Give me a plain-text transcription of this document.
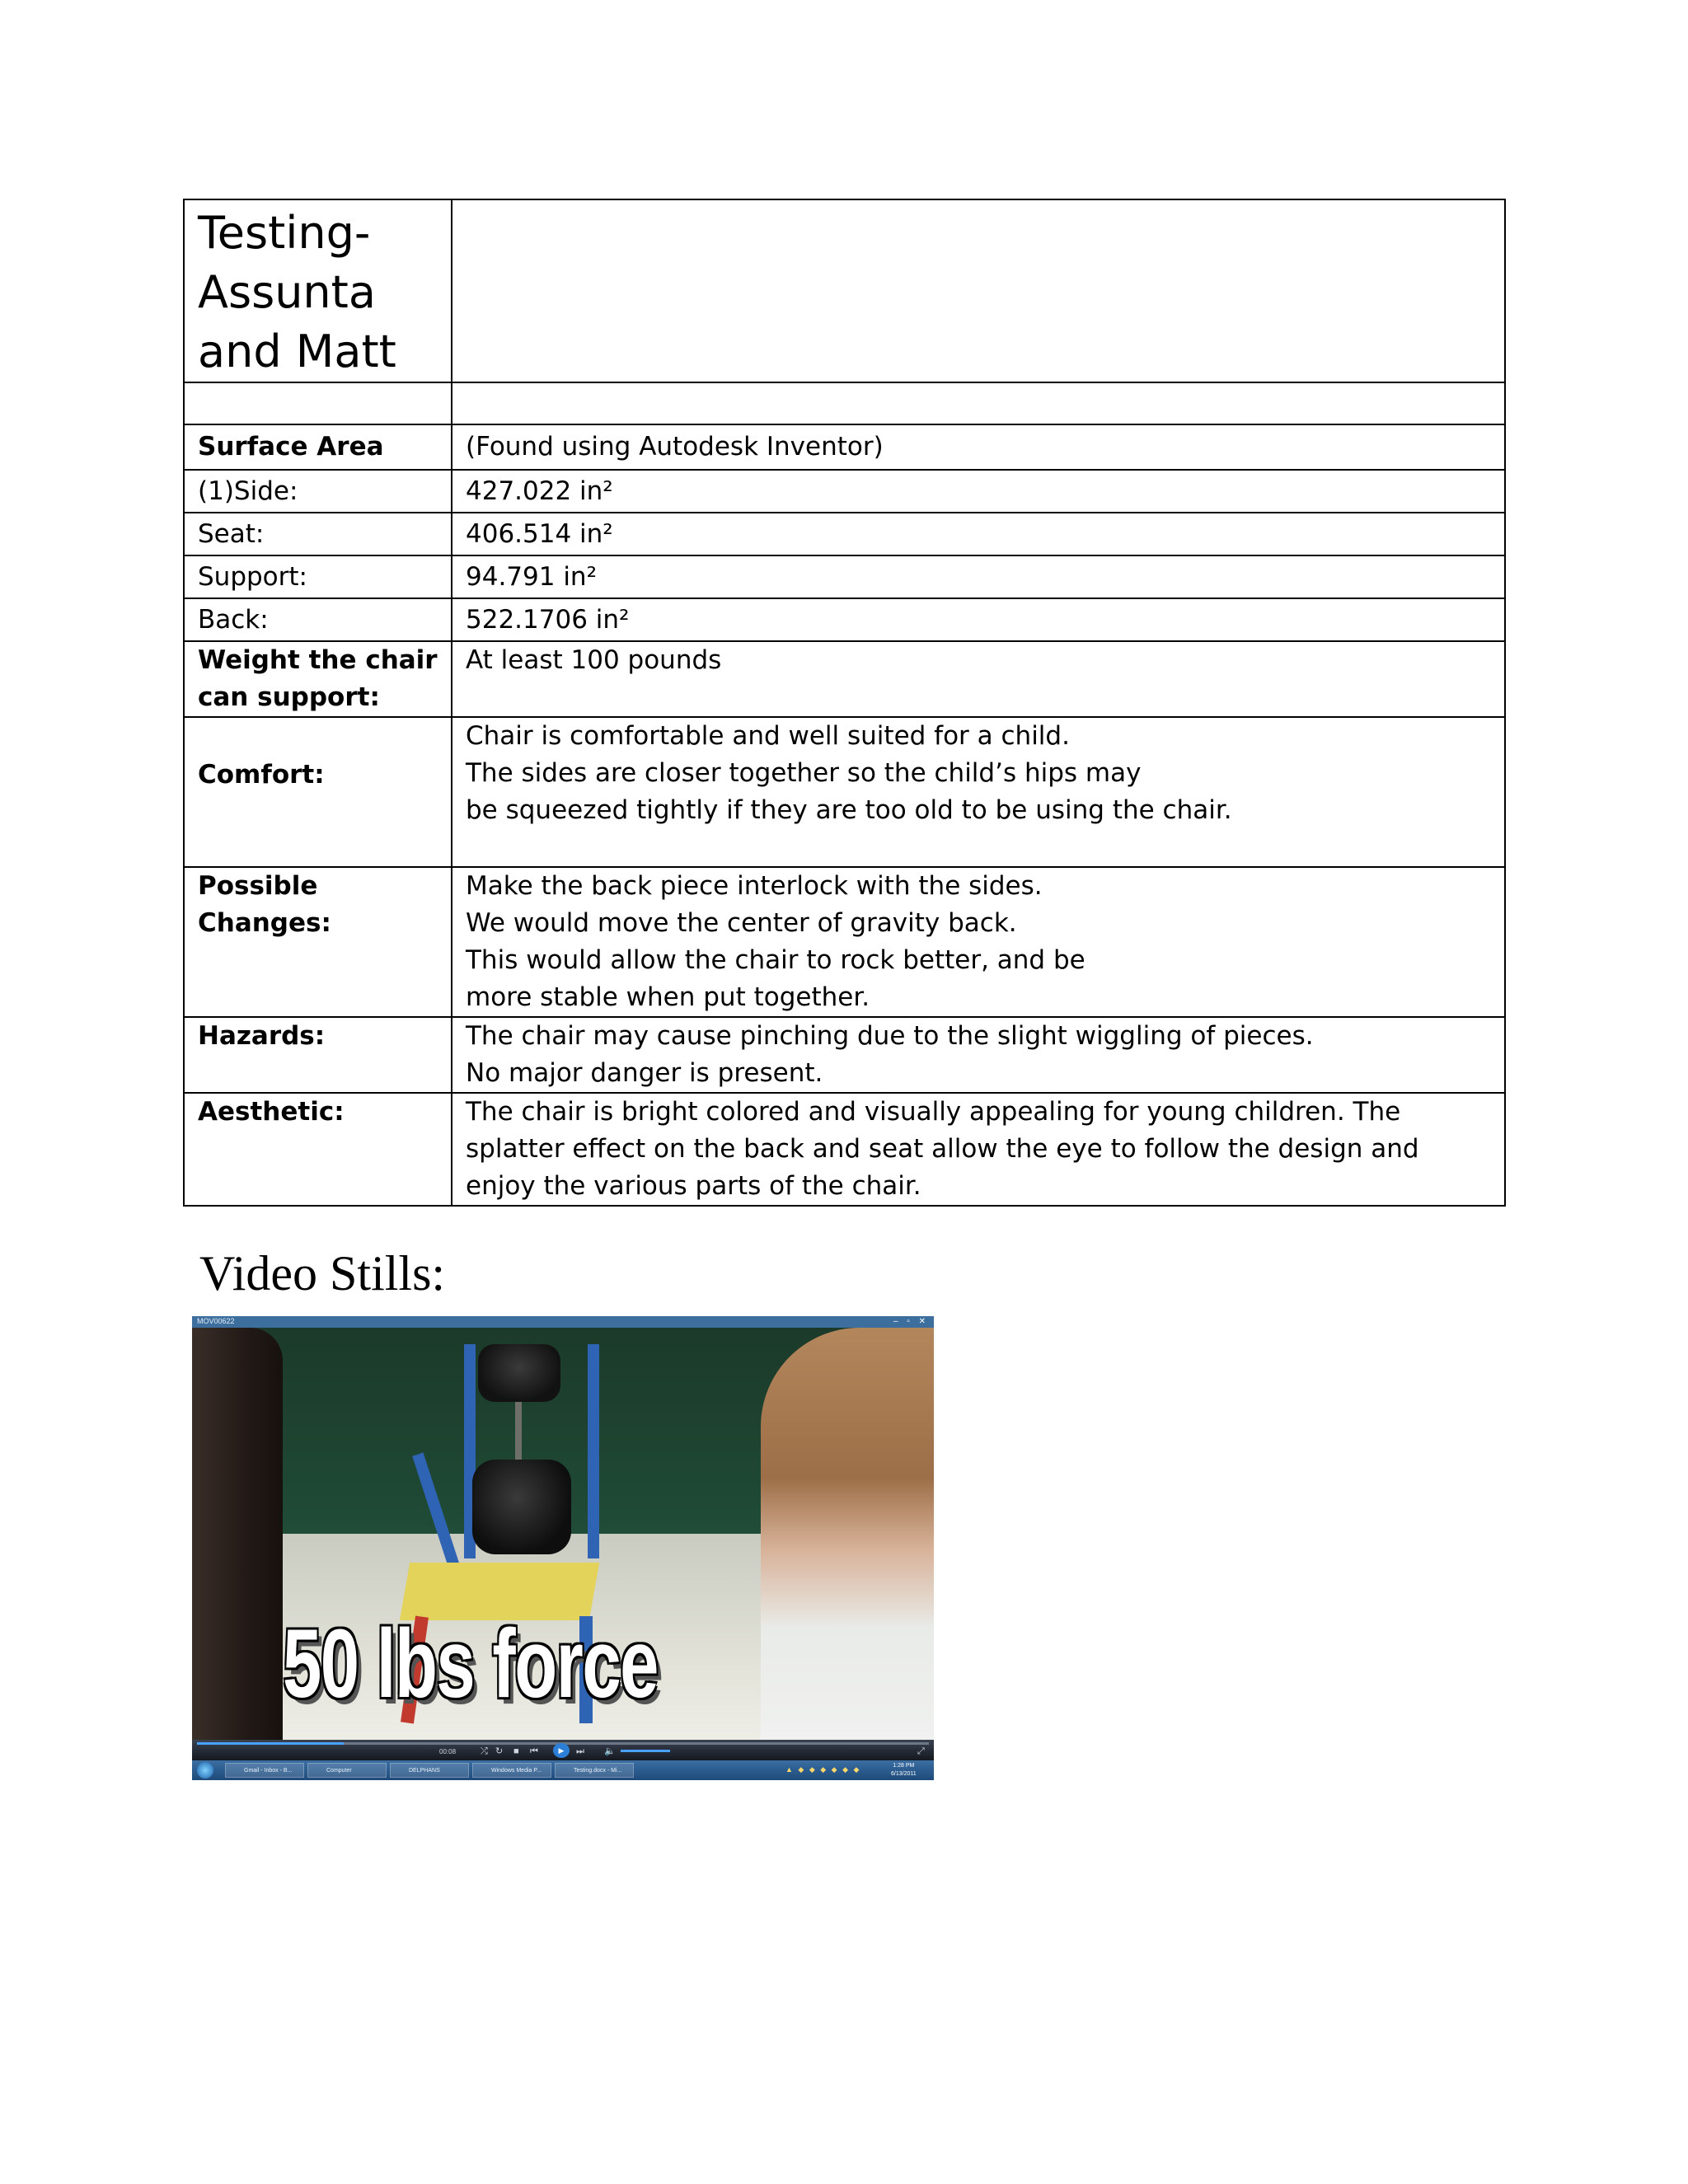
Testing-
Assunta
and Matt	

Surface Area	(Found using Autodesk Inventor)
(1)Side:	427.022 in²
Seat:	406.514 in²
Support:	94.791 in²
Back:	522.1706 in²
Weight the chair can support:	At least 100 pounds
Comfort:	Chair is comfortable and well suited for a child.
The sides are closer together so the child’s hips may
be squeezed tightly if they are too old to be using the chair.
Possible Changes:	Make the back piece interlock with the sides.
We would move the center of gravity back.
This would allow the chair to rock better, and be
more stable when put together.
Hazards:	The chair may cause pinching due to the slight wiggling of pieces.
No major danger is present.
Aesthetic:	The chair is bright colored and visually appealing for young children. The splatter effect on the back and seat allow the eye to follow the design and enjoy the various parts of the chair.
Video Stills:
MOV00622	– ▫ ✕
50 lbs force
00:08	⤮ ↻ ■ ⏮	▶	⏭ 🔈	⤢
Gmail - Inbox - B...	Computer	DELPHANS	Windows Media P...	Testing.docx - Mi...	▲ ◆ ◆ ◆ ◆ ◆ ◆	1:28 PM
6/13/2011
